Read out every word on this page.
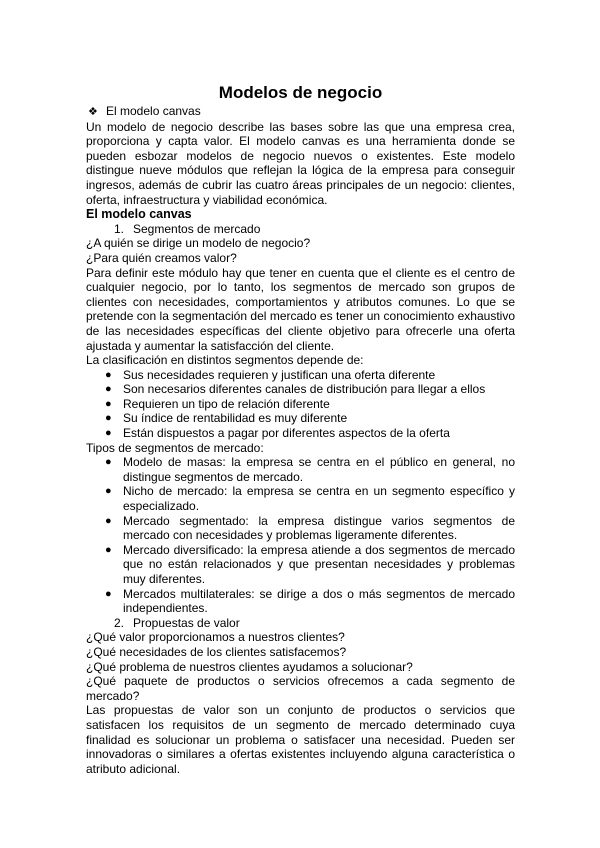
Modelos de negocio
❖ El modelo canvas

Un modelo de negocio describe las bases sobre las que una empresa crea, proporciona y capta valor. El modelo canvas es una herramienta donde se pueden esbozar modelos de negocio nuevos o existentes. Este modelo distingue nueve módulos que reflejan la lógica de la empresa para conseguir ingresos, además de cubrir las cuatro áreas principales de un negocio: clientes, oferta, infraestructura y viabilidad económica.

El modelo canvas

1. Segmentos de mercado

¿A quién se dirige un modelo de negocio?

¿Para quién creamos valor?

Para definir este módulo hay que tener en cuenta que el cliente es el centro de cualquier negocio, por lo tanto, los segmentos de mercado son grupos de clientes con necesidades, comportamientos y atributos comunes. Lo que se pretende con la segmentación del mercado es tener un conocimiento exhaustivo de las necesidades específicas del cliente objetivo para ofrecerle una oferta ajustada y aumentar la satisfacción del cliente.

La clasificación en distintos segmentos depende de:

● Sus necesidades requieren y justifican una oferta diferente
● Son necesarios diferentes canales de distribución para llegar a ellos
● Requieren un tipo de relación diferente
● Su índice de rentabilidad es muy diferente
● Están dispuestos a pagar por diferentes aspectos de la oferta

Tipos de segmentos de mercado:

● Modelo de masas: la empresa se centra en el público en general, no distingue segmentos de mercado.
● Nicho de mercado: la empresa se centra en un segmento específico y especializado.
● Mercado segmentado: la empresa distingue varios segmentos de mercado con necesidades y problemas ligeramente diferentes.
● Mercado diversificado: la empresa atiende a dos segmentos de mercado que no están relacionados y que presentan necesidades y problemas muy diferentes.
● Mercados multilaterales: se dirige a dos o más segmentos de mercado independientes.
2. Propuestas de valor

¿Qué valor proporcionamos a nuestros clientes?

¿Qué necesidades de los clientes satisfacemos?

¿Qué problema de nuestros clientes ayudamos a solucionar?

¿Qué paquete de productos o servicios ofrecemos a cada segmento de mercado?

Las propuestas de valor son un conjunto de productos o servicios que satisfacen los requisitos de un segmento de mercado determinado cuya finalidad es solucionar un problema o satisfacer una necesidad. Pueden ser innovadoras o similares a ofertas existentes incluyendo alguna característica o atributo adicional.
